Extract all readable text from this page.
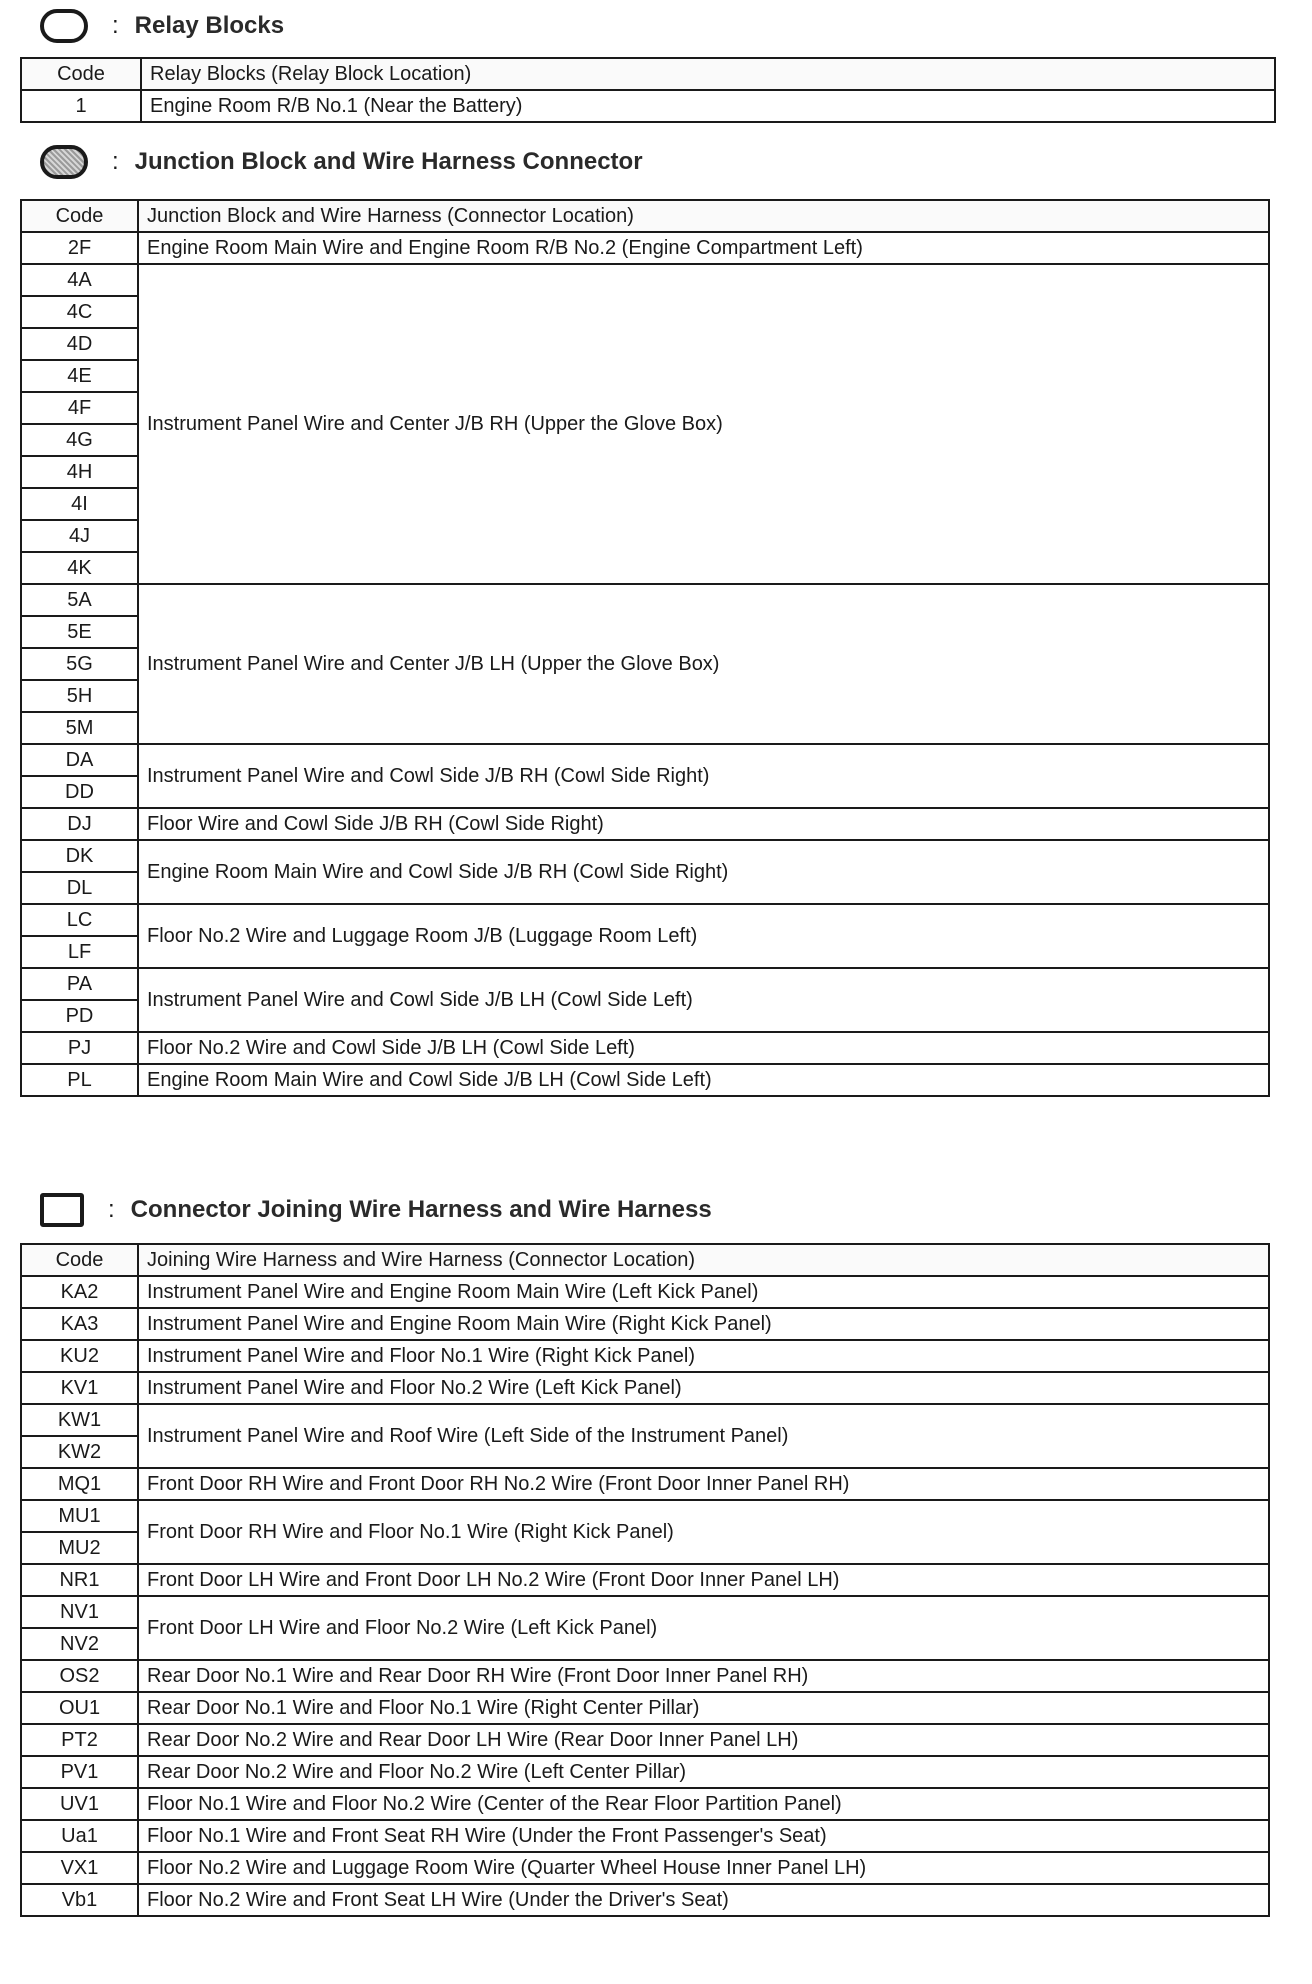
: Relay Blocks
Code	Relay Blocks (Relay Block Location)
1	Engine Room R/B No.1 (Near the Battery)
: Junction Block and Wire Harness Connector
Code	Junction Block and Wire Harness (Connector Location)
2F	Engine Room Main Wire and Engine Room R/B No.2 (Engine Compartment Left)
4A	Instrument Panel Wire and Center J/B RH (Upper the Glove Box)
4C	
4D	
4E	
4F	
4G	
4H	
4I	
4J	
4K	
5A	Instrument Panel Wire and Center J/B LH (Upper the Glove Box)
5E	
5G	
5H	
5M	
DA	Instrument Panel Wire and Cowl Side J/B RH (Cowl Side Right)
DD	
DJ	Floor Wire and Cowl Side J/B RH (Cowl Side Right)
DK	Engine Room Main Wire and Cowl Side J/B RH (Cowl Side Right)
DL	
LC	Floor No.2 Wire and Luggage Room J/B (Luggage Room Left)
LF	
PA	Instrument Panel Wire and Cowl Side J/B LH (Cowl Side Left)
PD	
PJ	Floor No.2 Wire and Cowl Side J/B LH (Cowl Side Left)
PL	Engine Room Main Wire and Cowl Side J/B LH (Cowl Side Left)
: Connector Joining Wire Harness and Wire Harness
Code	Joining Wire Harness and Wire Harness (Connector Location)
KA2	Instrument Panel Wire and Engine Room Main Wire (Left Kick Panel)
KA3	Instrument Panel Wire and Engine Room Main Wire (Right Kick Panel)
KU2	Instrument Panel Wire and Floor No.1 Wire (Right Kick Panel)
KV1	Instrument Panel Wire and Floor No.2 Wire (Left Kick Panel)
KW1	Instrument Panel Wire and Roof Wire (Left Side of the Instrument Panel)
KW2	
MQ1	Front Door RH Wire and Front Door RH No.2 Wire (Front Door Inner Panel RH)
MU1	Front Door RH Wire and Floor No.1 Wire (Right Kick Panel)
MU2	
NR1	Front Door LH Wire and Front Door LH No.2 Wire (Front Door Inner Panel LH)
NV1	Front Door LH Wire and Floor No.2 Wire (Left Kick Panel)
NV2	
OS2	Rear Door No.1 Wire and Rear Door RH Wire (Front Door Inner Panel RH)
OU1	Rear Door No.1 Wire and Floor No.1 Wire (Right Center Pillar)
PT2	Rear Door No.2 Wire and Rear Door LH Wire (Rear Door Inner Panel LH)
PV1	Rear Door No.2 Wire and Floor No.2 Wire (Left Center Pillar)
UV1	Floor No.1 Wire and Floor No.2 Wire (Center of the Rear Floor Partition Panel)
Ua1	Floor No.1 Wire and Front Seat RH Wire (Under the Front Passenger's Seat)
VX1	Floor No.2 Wire and Luggage Room Wire (Quarter Wheel House Inner Panel LH)
Vb1	Floor No.2 Wire and Front Seat LH Wire (Under the Driver's Seat)
